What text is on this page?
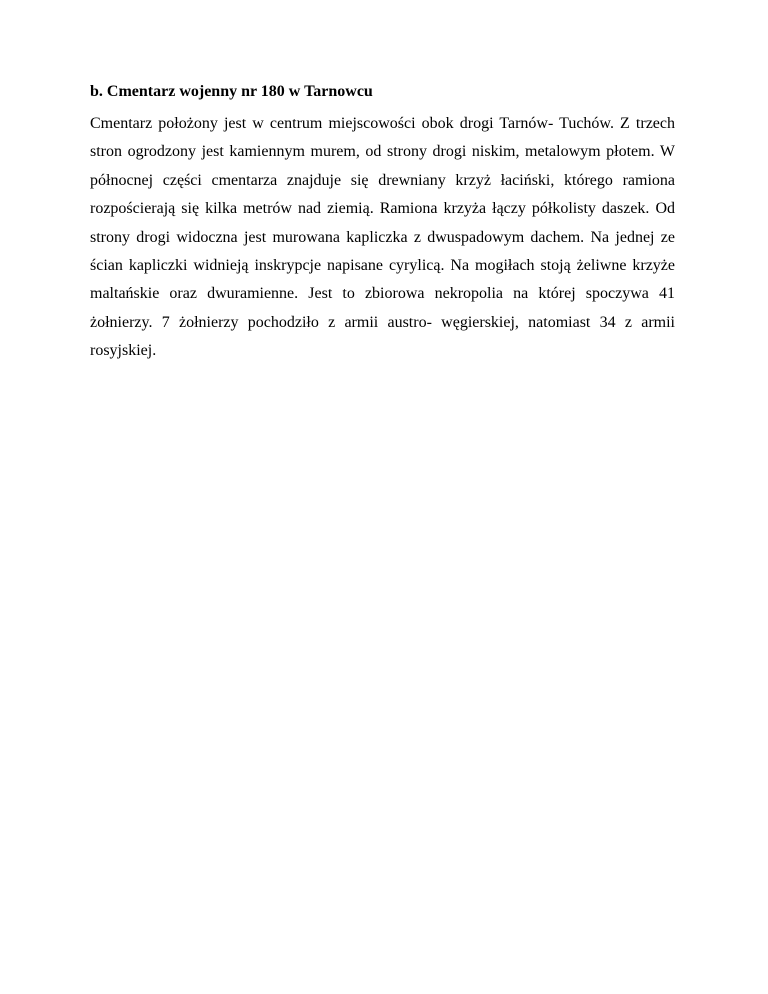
b. Cmentarz wojenny nr 180 w Tarnowcu

Cmentarz położony jest w centrum miejscowości obok drogi Tarnów- Tuchów. Z trzech stron ogrodzony jest kamiennym murem, od strony drogi niskim, metalowym płotem. W północnej części cmentarza znajduje się drewniany krzyż łaciński, którego ramiona rozpościerają się kilka metrów nad ziemią. Ramiona krzyża łączy półkolisty daszek. Od strony drogi widoczna jest murowana kapliczka z dwuspadowym dachem. Na jednej ze ścian kapliczki widnieją inskrypcje napisane cyrylicą. Na mogiłach stoją żeliwne krzyże maltańskie oraz dwuramienne. Jest to zbiorowa nekropolia na której spoczywa 41 żołnierzy. 7 żołnierzy pochodziło z armii austro- węgierskiej, natomiast 34 z armii rosyjskiej.
